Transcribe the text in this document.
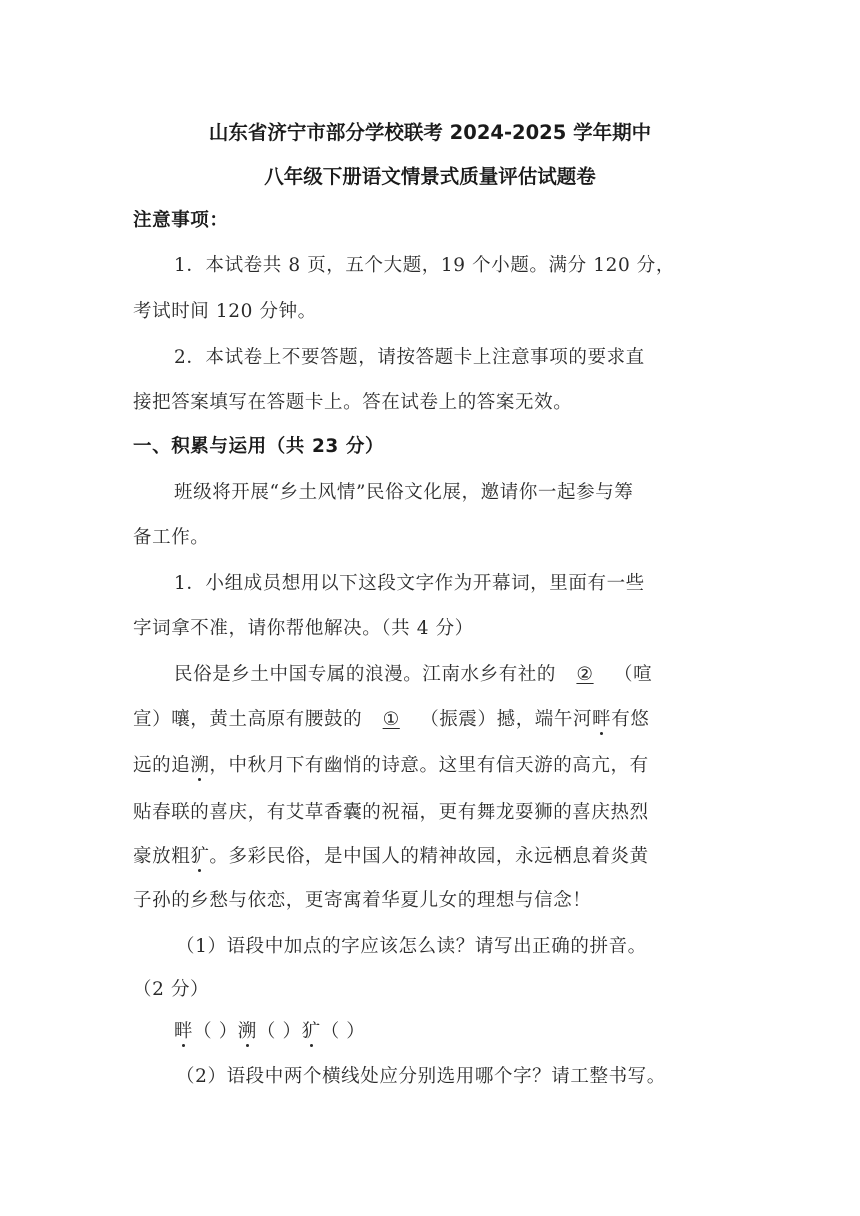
山东省济宁市部分学校联考 2024-2025 学年期中
八年级下册语文情景式质量评估试题卷
注意事项：
1．本试卷共 8 页，五个大题，19 个小题。满分 120 分，
考试时间 120 分钟。
2．本试卷上不要答题，请按答题卡上注意事项的要求直
接把答案填写在答题卡上。答在试卷上的答案无效。
一、积累与运用（共 23 分）
班级将开展“乡土风情”民俗文化展，邀请你一起参与筹
备工作。
1．小组成员想用以下这段文字作为开幕词，里面有一些
字词拿不准，请你帮他解决。（共 4 分）
民俗是乡土中国专属的浪漫。江南水乡有社的 ② （喧
宣）嚷，黄土高原有腰鼓的 ① （振震）撼，端午河畔有悠
远的追溯，中秋月下有幽悄的诗意。这里有信天游的高亢，有
贴春联的喜庆，有艾草香囊的祝福，更有舞龙耍狮的喜庆热烈
豪放粗犷。多彩民俗，是中国人的精神故园，永远栖息着炎黄
子孙的乡愁与依恋，更寄寓着华夏儿女的理想与信念！
（1）语段中加点的字应该怎么读？请写出正确的拼音。
（2 分）
畔（ ）溯（ ）犷（ ）
（2）语段中两个横线处应分别选用哪个字？请工整书写。
